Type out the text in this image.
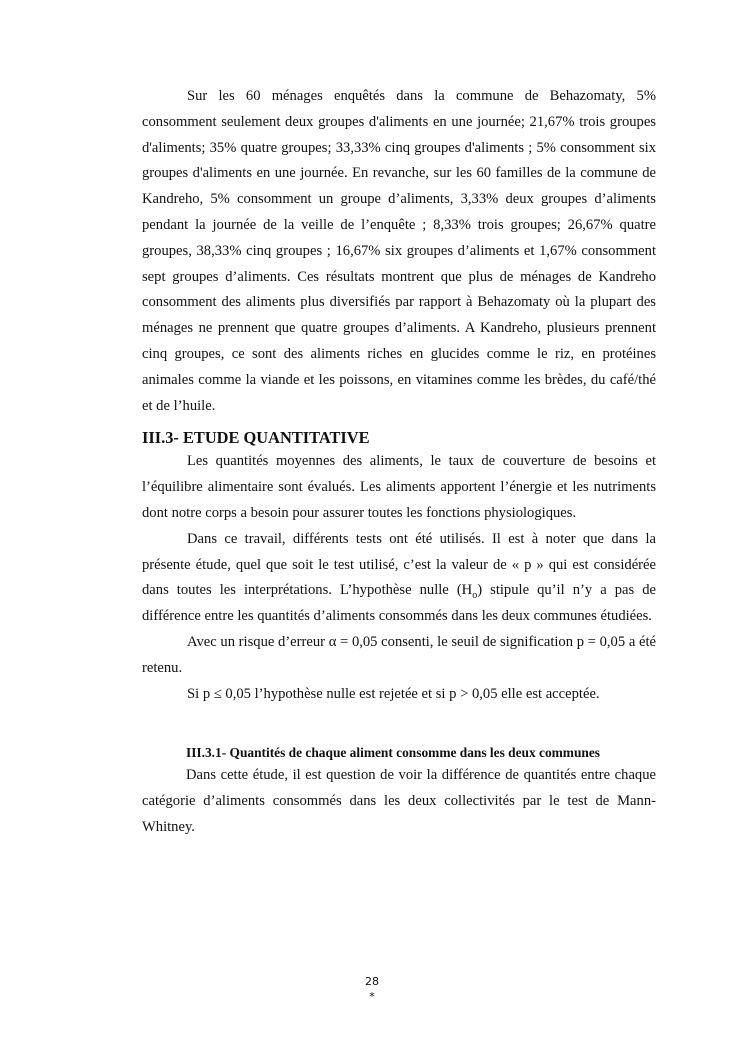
Sur les 60 ménages enquêtés dans la commune de Behazomaty, 5% consomment seulement deux groupes d'aliments en une journée; 21,67% trois groupes d'aliments; 35% quatre groupes; 33,33% cinq groupes d'aliments ; 5% consomment six groupes d'aliments en une journée. En revanche, sur les 60 familles de la commune de Kandreho, 5% consomment un groupe d’aliments, 3,33% deux groupes d’aliments pendant la journée de la veille de l’enquête ; 8,33% trois groupes; 26,67% quatre groupes, 38,33% cinq groupes ; 16,67% six groupes d’aliments et 1,67% consomment sept groupes d’aliments. Ces résultats montrent que plus de ménages de Kandreho consomment des aliments plus diversifiés par rapport à Behazomaty où la plupart des ménages ne prennent que quatre groupes d’aliments. A Kandreho, plusieurs prennent cinq groupes, ce sont des aliments riches en glucides comme le riz, en protéines animales comme la viande et les poissons, en vitamines comme les brèdes, du café/thé et de l’huile.

III.3- ETUDE QUANTITATIVE

Les quantités moyennes des aliments, le taux de couverture de besoins et l’équilibre alimentaire sont évalués. Les aliments apportent l’énergie et les nutriments dont notre corps a besoin pour assurer toutes les fonctions physiologiques.

Dans ce travail, différents tests ont été utilisés. Il est à noter que dans la présente étude, quel que soit le test utilisé, c’est la valeur de « p » qui est considérée dans toutes les interprétations. L’hypothèse nulle $(H_o)$ stipule qu’il n’y a pas de différence entre les quantités d’aliments consommés dans les deux communes étudiées.

Avec un risque d’erreur α = 0,05 consenti, le seuil de signification p = 0,05 a été retenu.

Si p ≤ 0,05 l’hypothèse nulle est rejetée et si p > 0,05 elle est acceptée.

III.3.1- Quantités de chaque aliment consomme dans les deux communes

Dans cette étude, il est question de voir la différence de quantités entre chaque catégorie d’aliments consommés dans les deux collectivités par le test de Mann-Whitney.

28
*
